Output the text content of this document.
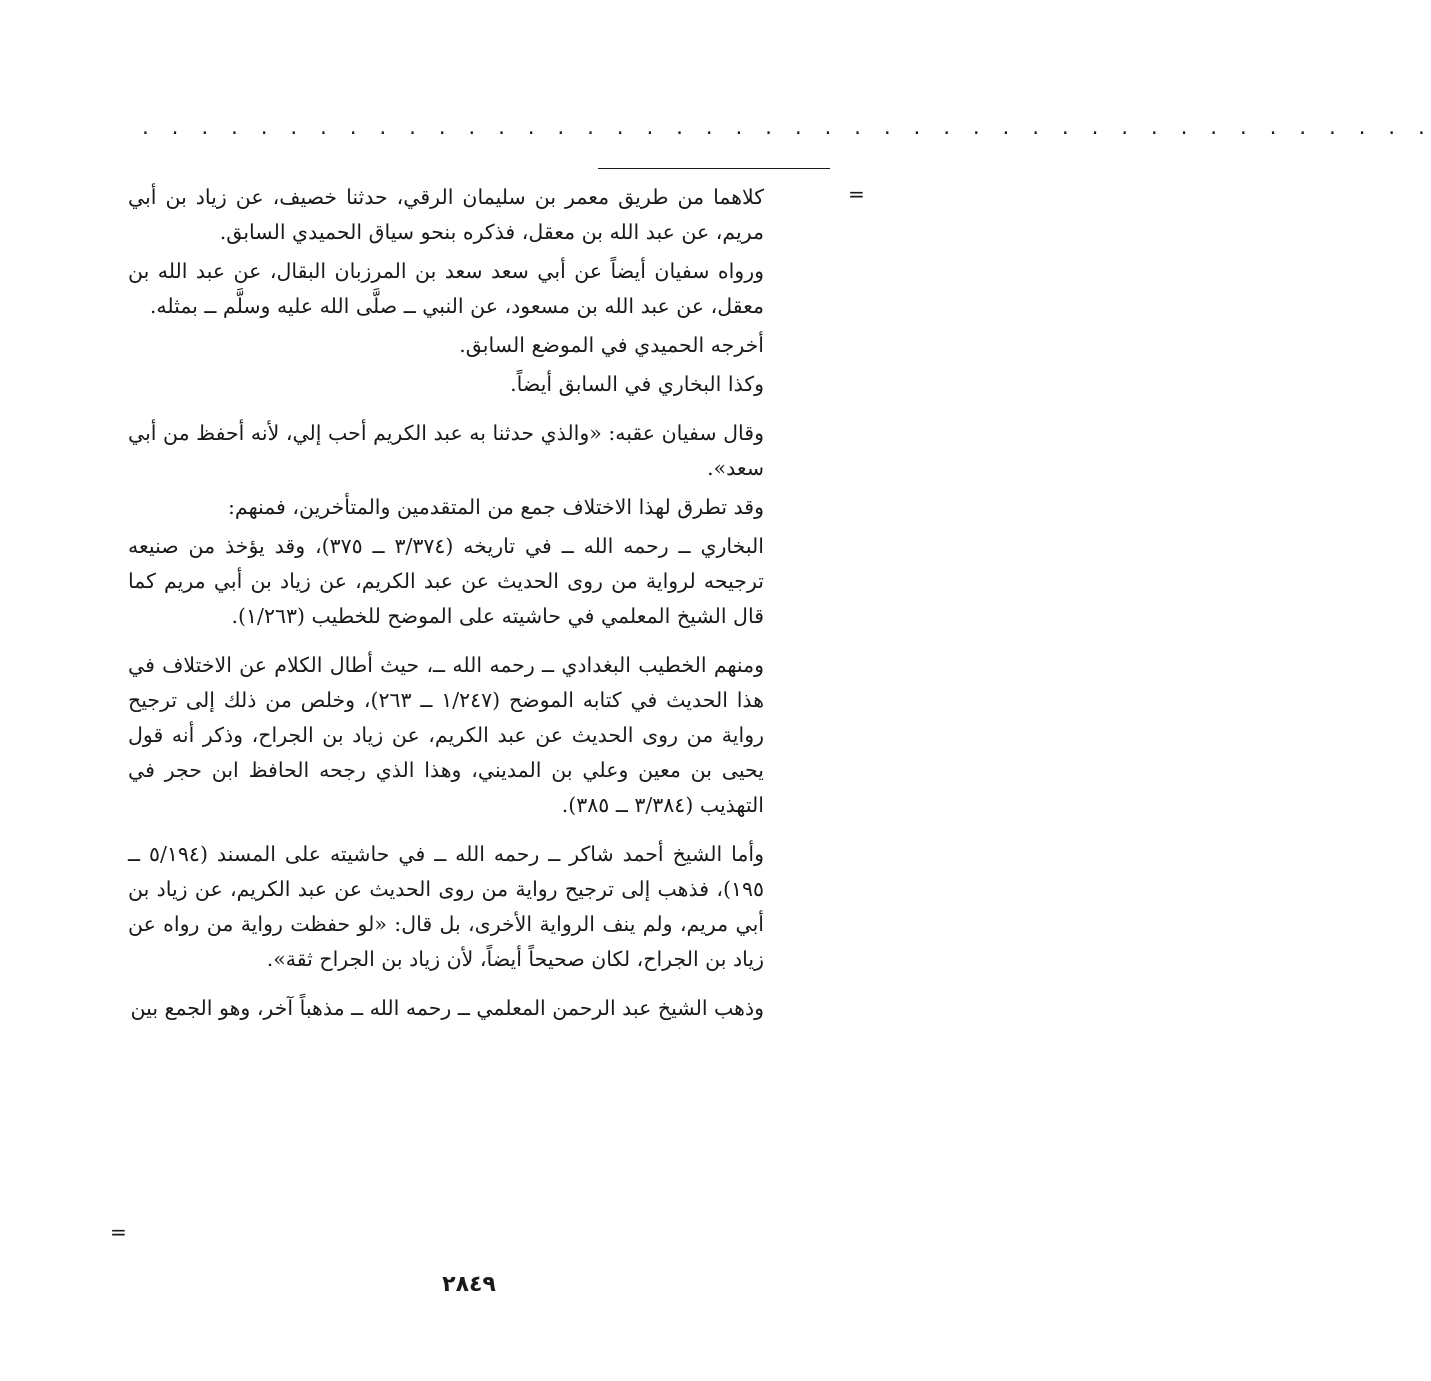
. . . . . . . . . . . . . . . . . . . . . . . . . . . . . . . . . . . . . . . . . . . .
=

كلاهما من طريق معمر بن سليمان الرقي، حدثنا خصيف، عن زياد بن أبي مريم، عن عبد الله بن معقل، فذكره بنحو سياق الحميدي السابق.

ورواه سفيان أيضاً عن أبي سعد سعد بن المرزبان البقال، عن عبد الله بن معقل، عن عبد الله بن مسعود، عن النبي ــ صلَّى الله عليه وسلَّم ــ بمثله.

أخرجه الحميدي في الموضع السابق.

وكذا البخاري في السابق أيضاً.

وقال سفيان عقبه: «والذي حدثنا به عبد الكريم أحب إلي، لأنه أحفظ من أبي سعد».

وقد تطرق لهذا الاختلاف جمع من المتقدمين والمتأخرين، فمنهم:

البخاري ــ رحمه الله ــ في تاريخه (٣/٣٧٤ ــ ٣٧٥)، وقد يؤخذ من صنيعه ترجيحه لرواية من روى الحديث عن عبد الكريم، عن زياد بن أبي مريم كما قال الشيخ المعلمي في حاشيته على الموضح للخطيب (١/٢٦٣).

ومنهم الخطيب البغدادي ــ رحمه الله ــ، حيث أطال الكلام عن الاختلاف في هذا الحديث في كتابه الموضح (١/٢٤٧ ــ ٢٦٣)، وخلص من ذلك إلى ترجيح رواية من روى الحديث عن عبد الكريم، عن زياد بن الجراح، وذكر أنه قول يحيى بن معين وعلي بن المديني، وهذا الذي رجحه الحافظ ابن حجر في التهذيب (٣/٣٨٤ ــ ٣٨٥).

وأما الشيخ أحمد شاكر ــ رحمه الله ــ في حاشيته على المسند (٥/١٩٤ ــ ١٩٥)، فذهب إلى ترجيح رواية من روى الحديث عن عبد الكريم، عن زياد بن أبي مريم، ولم ينف الرواية الأخرى، بل قال: «لو حفظت رواية من رواه عن زياد بن الجراح، لكان صحيحاً أيضاً، لأن زياد بن الجراح ثقة».

وذهب الشيخ عبد الرحمن المعلمي ــ رحمه الله ــ مذهباً آخر، وهو الجمع بين

=
٢٨٤٩
